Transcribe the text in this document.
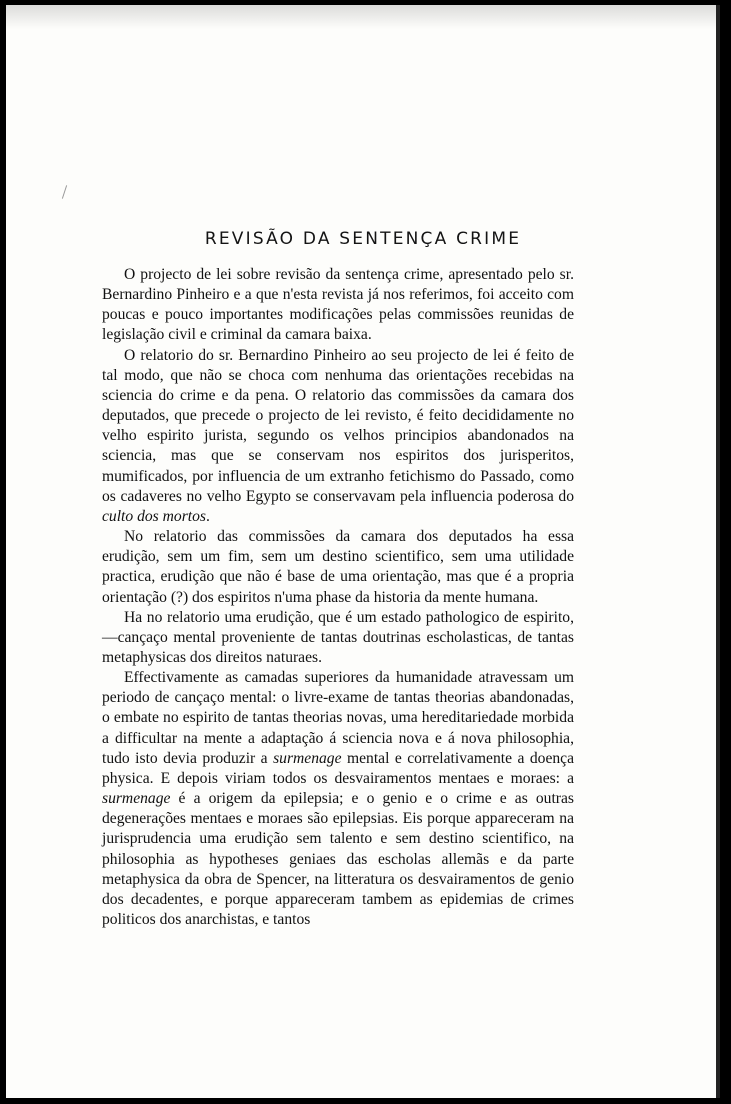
REVISÃO DA SENTENÇA CRIME

O projecto de lei sobre revisão da sentença crime, apresentado pelo sr. Bernardino Pinheiro e a que n'esta revista já nos referimos, foi acceito com poucas e pouco importantes modificações pelas commissões reunidas de legislação civil e criminal da camara baixa.

O relatorio do sr. Bernardino Pinheiro ao seu projecto de lei é feito de tal modo, que não se choca com nenhuma das orientações recebidas na sciencia do crime e da pena. O relatorio das commissões da camara dos deputados, que precede o projecto de lei revisto, é feito decididamente no velho espirito jurista, segundo os velhos principios abandonados na sciencia, mas que se conservam nos espiritos dos jurisperitos, mumificados, por influencia de um extranho fetichismo do Passado, como os cadaveres no velho Egypto se conservavam pela influencia poderosa do culto dos mortos.

No relatorio das commissões da camara dos deputados ha essa erudição, sem um fim, sem um destino scientifico, sem uma utilidade practica, erudição que não é base de uma orientação, mas que é a propria orientação (?) dos espiritos n'uma phase da historia da mente humana.

Ha no relatorio uma erudição, que é um estado pathologico de espirito,—cançaço mental proveniente de tantas doutrinas escholasticas, de tantas metaphysicas dos direitos naturaes.

Effectivamente as camadas superiores da humanidade atravessam um periodo de cançaço mental: o livre-exame de tantas theorias abandonadas, o embate no espirito de tantas theorias novas, uma hereditariedade morbida a difficultar na mente a adaptação á sciencia nova e á nova philosophia, tudo isto devia produzir a surmenage mental e correlativamente a doença physica. E depois viriam todos os desvairamentos mentaes e moraes: a surmenage é a origem da epilepsia; e o genio e o crime e as outras degenerações mentaes e moraes são epilepsias. Eis porque appareceram na jurisprudencia uma erudição sem talento e sem destino scientifico, na philosophia as hypotheses geniaes das escholas allemãs e da parte metaphysica da obra de Spencer, na litteratura os desvairamentos de genio dos decadentes, e porque appareceram tambem as epidemias de crimes politicos dos anarchistas, e tantos
